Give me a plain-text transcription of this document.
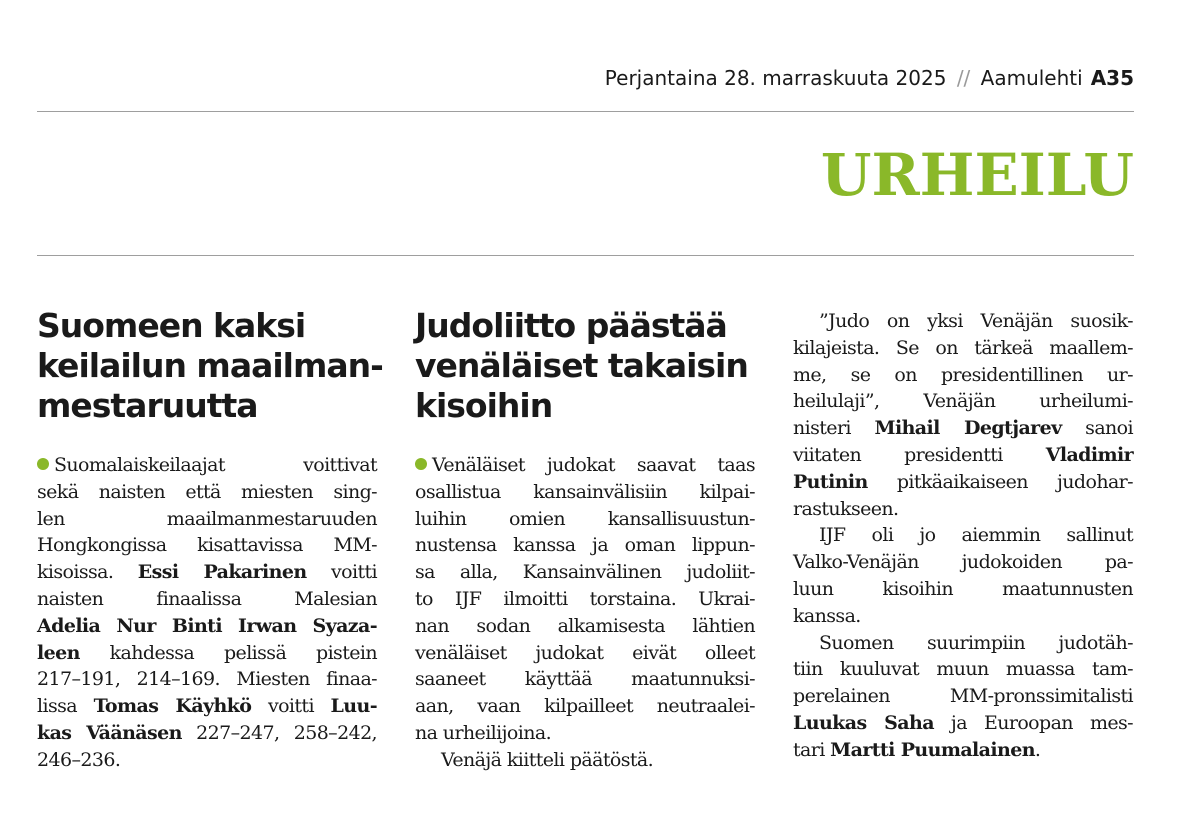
Perjantaina 28. marraskuuta 2025 // Aamulehti A35
URHEILU
Suomeen kaksi
keilailun maailman-
mestaruutta
Suomalaiskeilaajat voittivat
sekä naisten että miesten sing-
len maailmanmestaruuden
Hongkongissa kisattavissa MM-
kisoissa. Essi Pakarinen voitti
naisten finaalissa Malesian
Adelia Nur Binti Irwan Syaza-
leen kahdessa pelissä pistein
217–191, 214–169. Miesten finaa-
lissa Tomas Käyhkö voitti Luu-
kas Väänäsen 227–247, 258–242,
246–236.
Judoliitto päästää
venäläiset takaisin
kisoihin
Venäläiset judokat saavat taas
osallistua kansainvälisiin kilpai-
luihin omien kansallisuustun-
nustensa kanssa ja oman lippun-
sa alla, Kansainvälinen judoliit-
to IJF ilmoitti torstaina. Ukrai-
nan sodan alkamisesta lähtien
venäläiset judokat eivät olleet
saaneet käyttää maatunnuksi-
aan, vaan kilpailleet neutraalei-
na urheilijoina.
Venäjä kiitteli päätöstä.
”Judo on yksi Venäjän suosik-
kilajeista. Se on tärkeä maallem-
me, se on presidentillinen ur-
heilulaji”, Venäjän urheilumi-
nisteri Mihail Degtjarev sanoi
viitaten presidentti Vladimir
Putinin pitkäaikaiseen judohar-
rastukseen.
IJF oli jo aiemmin sallinut
Valko-Venäjän judokoiden pa-
luun kisoihin maatunnusten
kanssa.
Suomen suurimpiin judotäh-
tiin kuuluvat muun muassa tam-
perelainen MM-pronssimitalisti
Luukas Saha ja Euroopan mes-
tari Martti Puumalainen.
